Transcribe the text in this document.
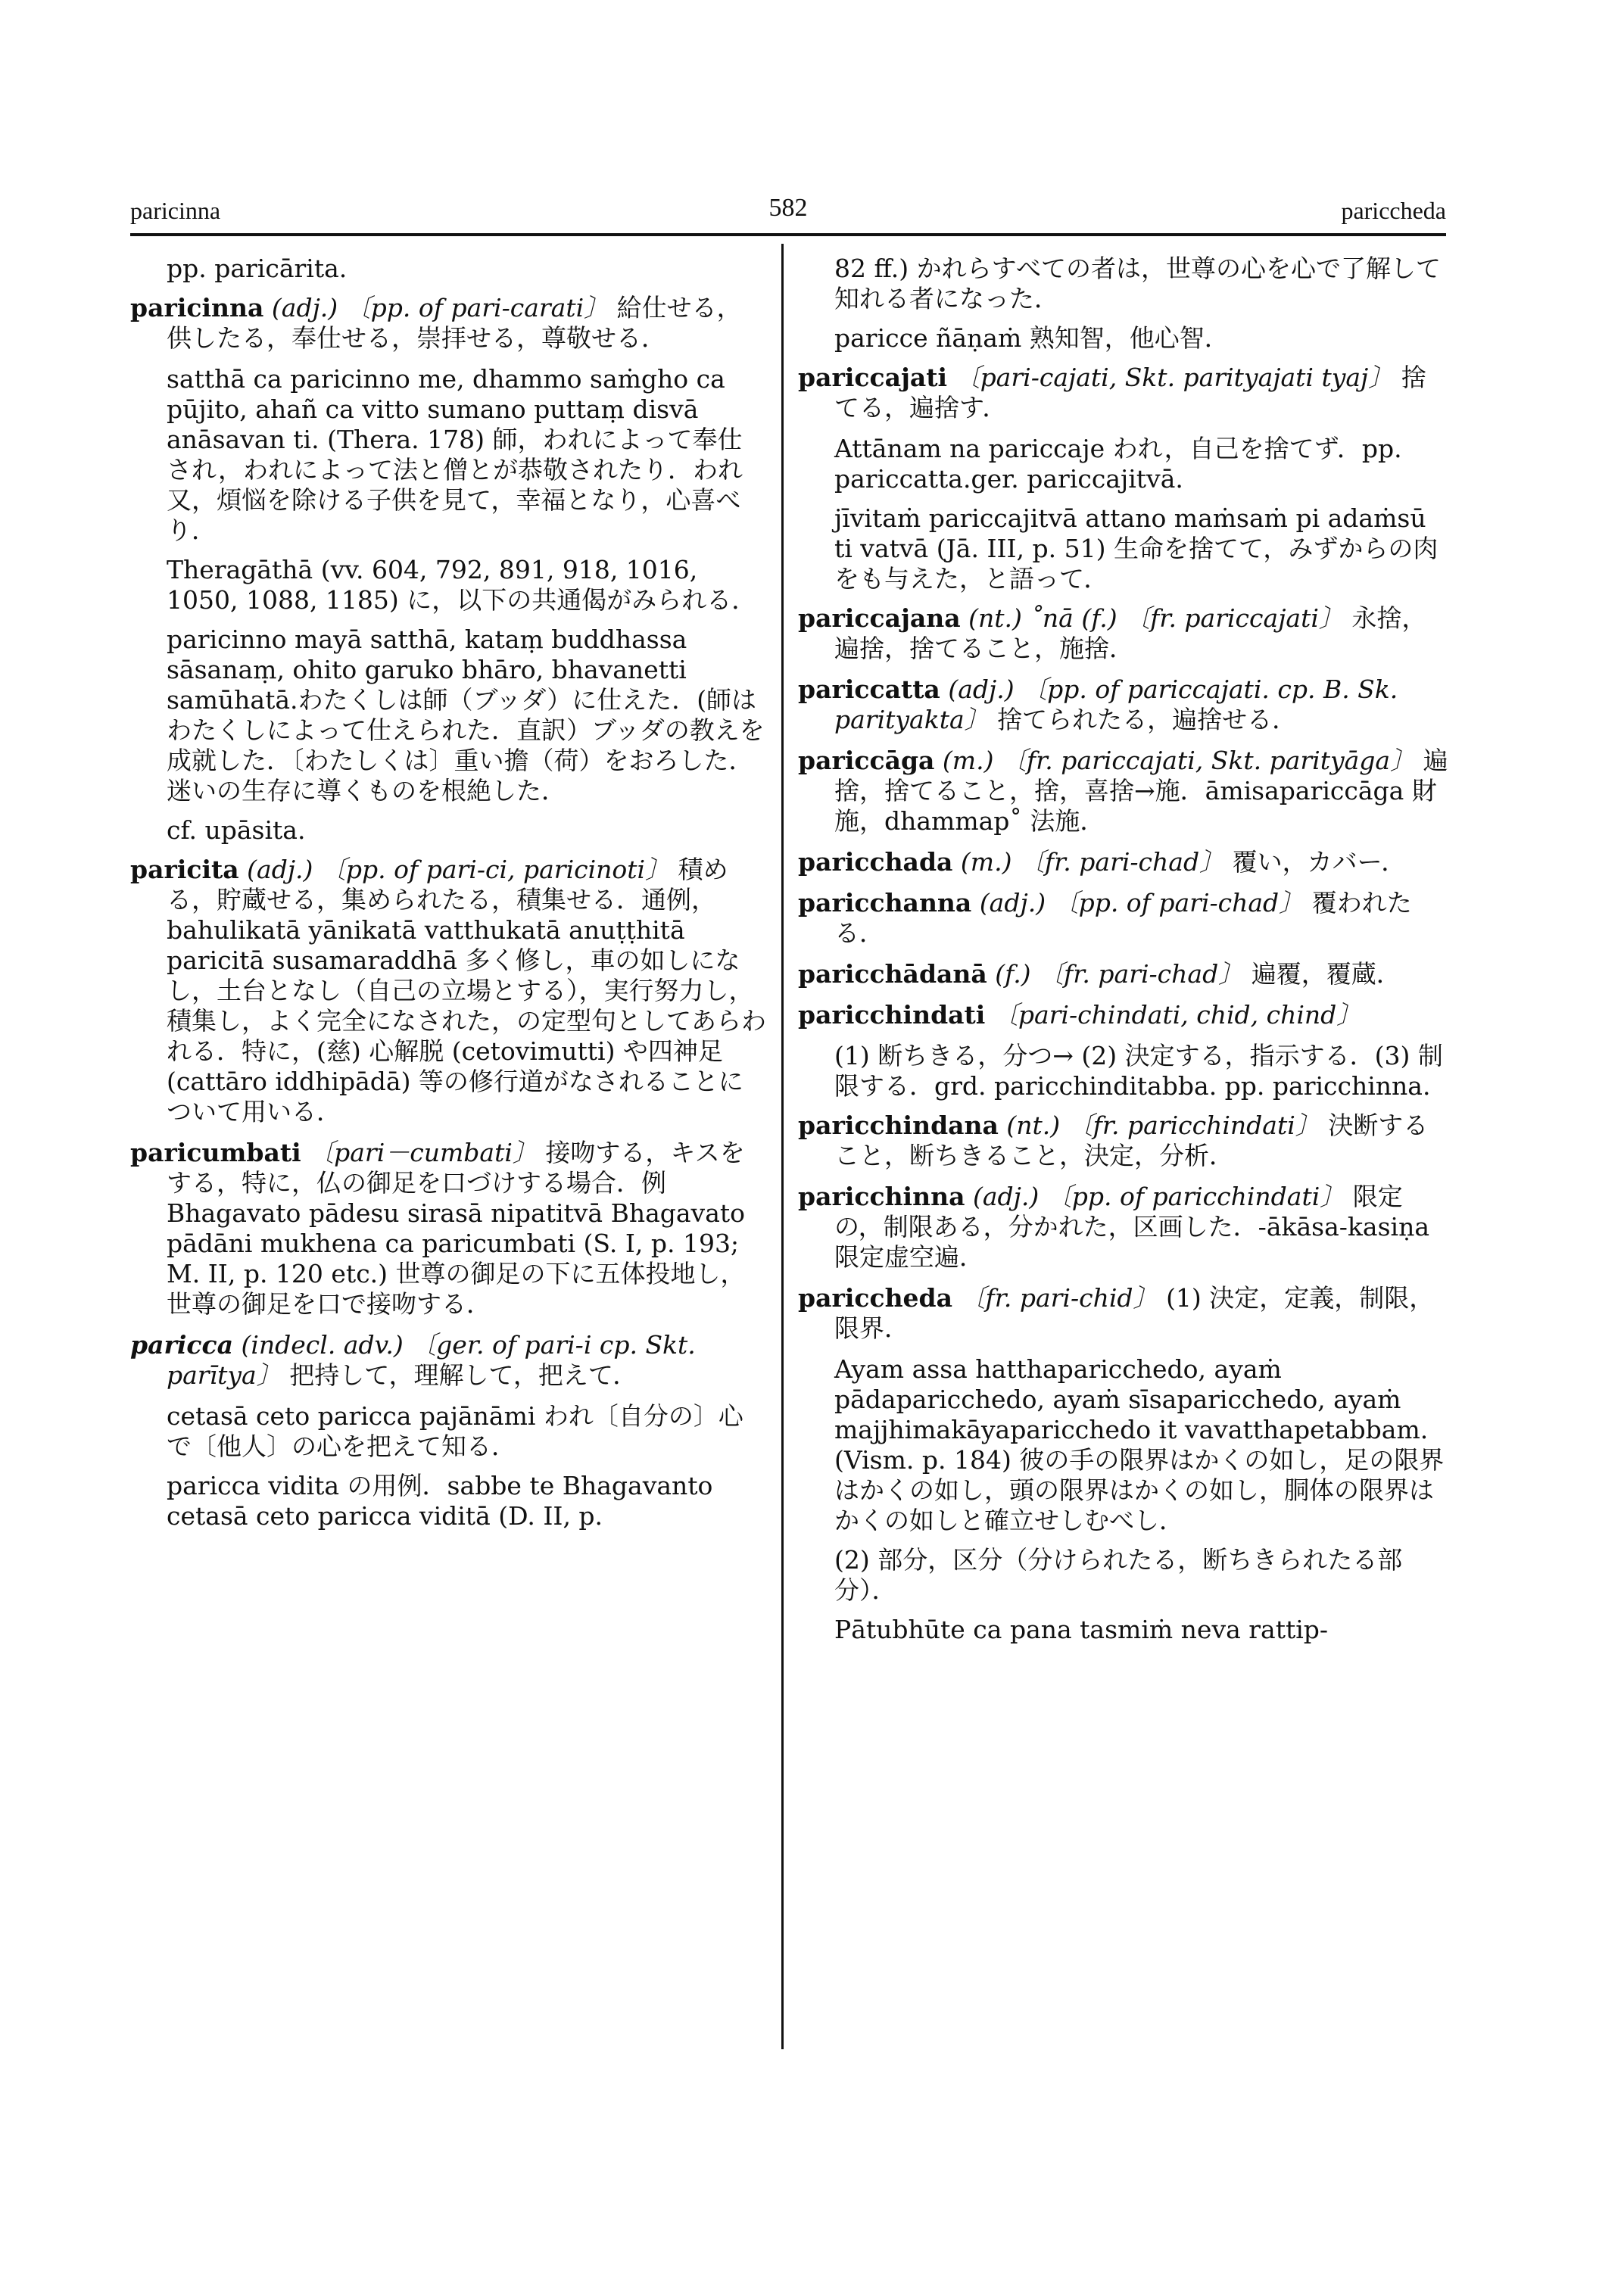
paricinna	582	pariccheda

pp. paricārita.

paricinna (adj.) 〔pp. of pari-carati〕 給仕せる，供したる，奉仕せる，崇拝せる，尊敬せる．

satthā ca paricinno me, dhammo saṁgho ca pūjito, ahañ ca vitto sumano puttaṃ disvā anāsavan ti. (Thera. 178) 師，われによって奉仕され，われによって法と僧とが恭敬されたり．われ又，煩悩を除ける子供を見て，幸福となり，心喜べり．

Theragāthā (vv. 604, 792, 891, 918, 1016, 1050, 1088, 1185) に，以下の共通偈がみられる．

paricinno mayā satthā, kataṃ buddhassa sāsanaṃ, ohito garuko bhāro, bhavanetti samūhatā.わたくしは師（ブッダ）に仕えた．(師はわたくしによって仕えられた．直訳）ブッダの教えを成就した．〔わたしくは〕重い擔（荷）をおろした．迷いの生存に導くものを根絶した．

cf. upāsita.

paricita (adj.) 〔pp. of pari-ci, paricinoti〕 積める，貯蔵せる，集められたる，積集せる．通例，bahulikatā yānikatā vatthukatā anuṭṭhitā paricitā susamaraddhā 多く修し，車の如しになし，土台となし（自己の立場とする），実行努力し，積集し，よく完全になされた，の定型句としてあらわれる．特に，(慈) 心解脱 (cetovimutti) や四神足 (cattāro iddhipādā) 等の修行道がなされることについて用いる．

paricumbati 〔pari－cumbati〕 接吻する，キスをする，特に，仏の御足を口づけする場合．例 Bhagavato pādesu sirasā nipatitvā Bhagavato pādāni mukhena ca paricumbati (S. I, p. 193; M. II, p. 120 etc.) 世尊の御足の下に五体投地し，世尊の御足を口で接吻する．

paricca (indecl. adv.) 〔ger. of pari-i cp. Skt. parītya〕 把持して，理解して，把えて．

cetasā ceto paricca pajānāmi われ〔自分の〕心で〔他人〕の心を把えて知る．

paricca vidita の用例．sabbe te Bhagavanto cetasā ceto paricca viditā (D. II, p.

82 ff.) かれらすべての者は，世尊の心を心で了解して知れる者になった．

paricce ñāṇaṁ 熟知智，他心智．

pariccajati 〔pari-cajati, Skt. parityajati tyaj〕 捨てる，遍捨す．

Attānam na pariccaje われ，自己を捨てず．pp. pariccatta.ger. pariccajitvā.

jīvitaṁ pariccajitvā attano maṁsaṁ pi adaṁsū ti vatvā (Jā. III, p. 51) 生命を捨てて，みずからの肉をも与えた，と語って．

pariccajana (nt.) ˚nā (f.) 〔fr. pariccajati〕 永捨，遍捨，捨てること，施捨．

pariccatta (adj.) 〔pp. of pariccajati. cp. B. Sk. parityakta〕 捨てられたる，遍捨せる．

pariccāga (m.) 〔fr. pariccajati, Skt. parityāga〕 遍捨，捨てること，捨，喜捨→施．āmisapariccāga 財施，dhammap˚ 法施．

paricchada (m.) 〔fr. pari-chad〕 覆い，カバー．

paricchanna (adj.) 〔pp. of pari-chad〕 覆われたる．

paricchādanā (f.) 〔fr. pari-chad〕 遍覆，覆蔵．

paricchindati 〔pari-chindati, chid, chind〕

(1) 断ちきる，分つ→ (2) 決定する，指示する．(3) 制限する．grd. paricchinditabba. pp. paricchinna.

paricchindana (nt.) 〔fr. paricchindati〕 決断すること，断ちきること，決定，分析．

paricchinna (adj.) 〔pp. of paricchindati〕 限定の，制限ある，分かれた，区画した．-ākāsa-kasiṇa 限定虚空遍．

pariccheda 〔fr. pari-chid〕 (1) 決定，定義，制限，限界．

Ayam assa hatthaparicchedo, ayaṁ pādaparicchedo, ayaṁ sīsaparicchedo, ayaṁ majjhimakāyaparicchedo it vavatthapetabbam. (Vism. p. 184) 彼の手の限界はかくの如し，足の限界はかくの如し，頭の限界はかくの如し，胴体の限界はかくの如しと確立せしむべし．

(2) 部分，区分（分けられたる，断ちきられたる部分）．

Pātubhūte ca pana tasmiṁ neva rattip-
